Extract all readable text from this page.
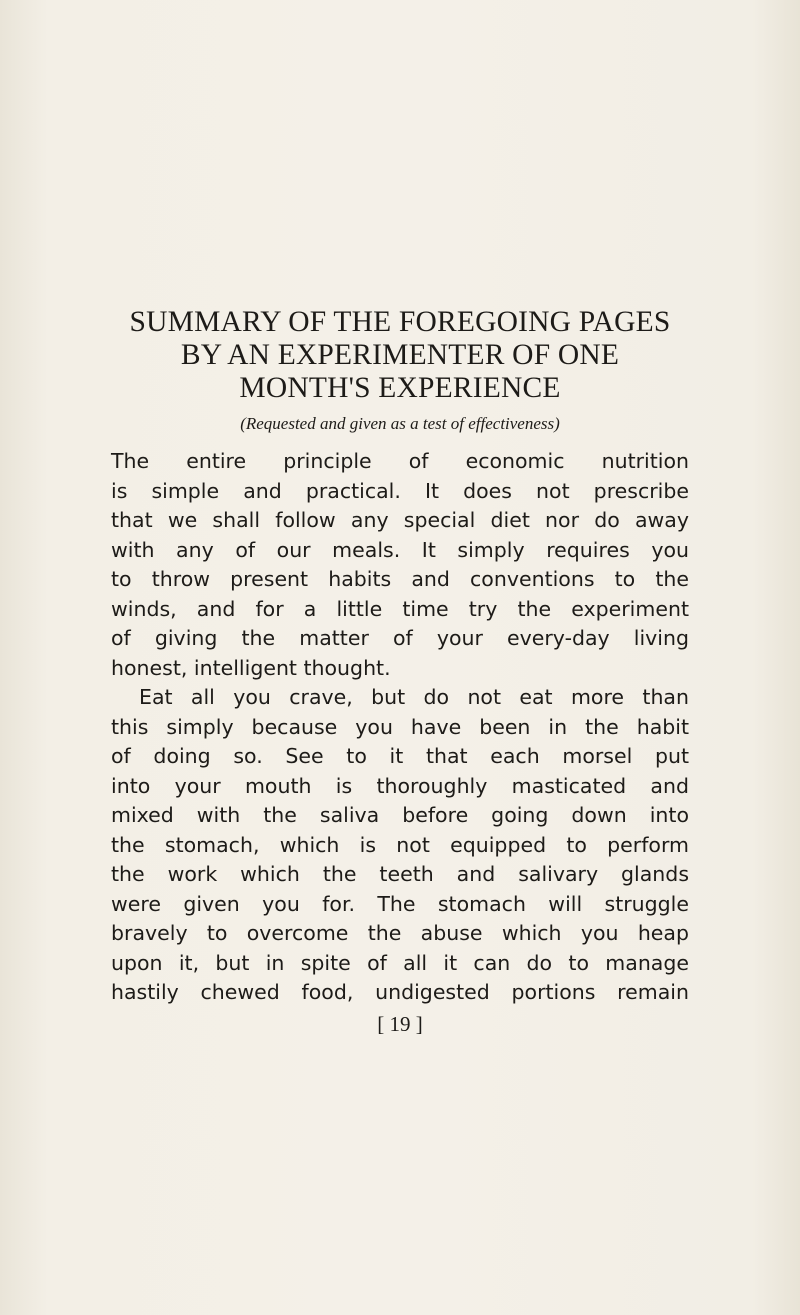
SUMMARY OF THE FOREGOING PAGES
BY AN EXPERIMENTER OF ONE
MONTH'S EXPERIENCE
(Requested and given as a test of effectiveness)
The entire principle of economic nutrition
is simple and practical. It does not prescribe
that we shall follow any special diet nor do away
with any of our meals. It simply requires you
to throw present habits and conventions to the
winds, and for a little time try the experiment
of giving the matter of your every-day living
honest, intelligent thought.
Eat all you crave, but do not eat more than
this simply because you have been in the habit
of doing so. See to it that each morsel put
into your mouth is thoroughly masticated and
mixed with the saliva before going down into
the stomach, which is not equipped to perform
the work which the teeth and salivary glands
were given you for. The stomach will struggle
bravely to overcome the abuse which you heap
upon it, but in spite of all it can do to manage
hastily chewed food, undigested portions remain
[ 19 ]
